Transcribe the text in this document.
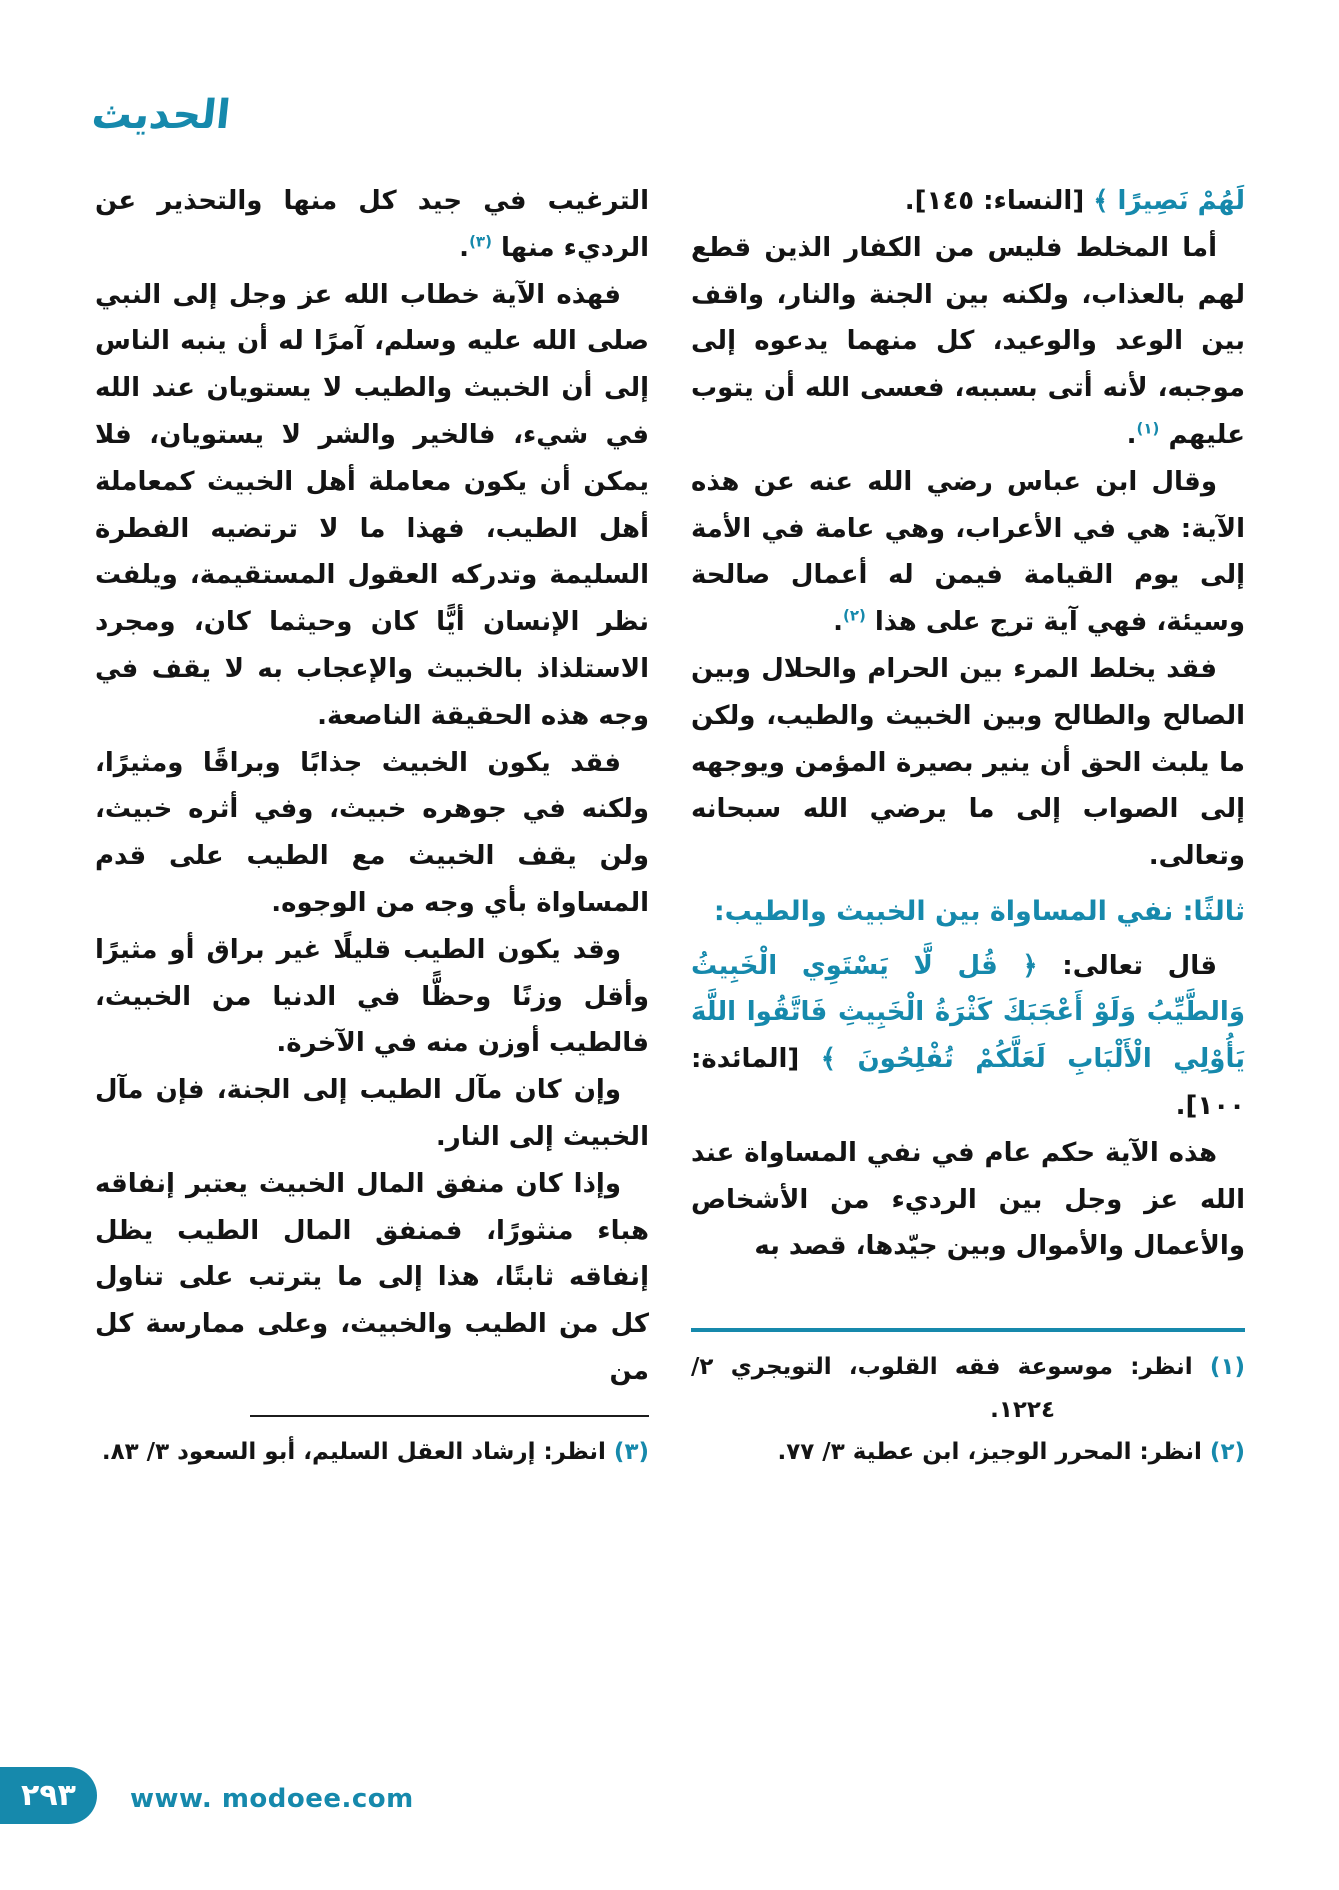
الحديث

لَهُمْ نَصِيرًا ﴾ [النساء: ١٤٥].

أما المخلط فليس من الكفار الذين قطع لهم بالعذاب، ولكنه بين الجنة والنار، واقف بين الوعد والوعيد، كل منهما يدعوه إلى موجبه، لأنه أتى بسببه، فعسى الله أن يتوب عليهم $^{(١)}$.

وقال ابن عباس رضي الله عنه عن هذه الآية: هي في الأعراب، وهي عامة في الأمة إلى يوم القيامة فيمن له أعمال صالحة وسيئة، فهي آية ترج على هذا $^{(٢)}$.

فقد يخلط المرء بين الحرام والحلال وبين الصالح والطالح وبين الخبيث والطيب، ولكن ما يلبث الحق أن ينير بصيرة المؤمن ويوجهه إلى الصواب إلى ما يرضي الله سبحانه وتعالى.

ثالثًا: نفي المساواة بين الخبيث والطيب:

قال تعالى: ﴿ قُل لَّا يَسْتَوِي الْخَبِيثُ وَالطَّيِّبُ وَلَوْ أَعْجَبَكَ كَثْرَةُ الْخَبِيثِ فَاتَّقُوا اللَّهَ يَأُوْلِي الْأَلْبَابِ لَعَلَّكُمْ تُفْلِحُونَ ﴾ [المائدة: ١٠٠].

هذه الآية حكم عام في نفي المساواة عند الله عز وجل بين الرديء من الأشخاص والأعمال والأموال وبين جيّدها، قصد به

(١) انظر: موسوعة فقه القلوب، التويجري ٢/ ١٢٢٤.
(٢) انظر: المحرر الوجيز، ابن عطية ٣/ ٧٧.

الترغيب في جيد كل منها والتحذير عن الرديء منها $^{(٣)}$.

فهذه الآية خطاب الله عز وجل إلى النبي صلى الله عليه وسلم، آمرًا له أن ينبه الناس إلى أن الخبيث والطيب لا يستويان عند الله في شيء، فالخير والشر لا يستويان، فلا يمكن أن يكون معاملة أهل الخبيث كمعاملة أهل الطيب، فهذا ما لا ترتضيه الفطرة السليمة وتدركه العقول المستقيمة، ويلفت نظر الإنسان أيًّا كان وحيثما كان، ومجرد الاستلذاذ بالخبيث والإعجاب به لا يقف في وجه هذه الحقيقة الناصعة.

فقد يكون الخبيث جذابًا وبراقًا ومثيرًا، ولكنه في جوهره خبيث، وفي أثره خبيث، ولن يقف الخبيث مع الطيب على قدم المساواة بأي وجه من الوجوه.

وقد يكون الطيب قليلًا غير براق أو مثيرًا وأقل وزنًا وحظًّا في الدنيا من الخبيث، فالطيب أوزن منه في الآخرة.

وإن كان مآل الطيب إلى الجنة، فإن مآل الخبيث إلى النار.

وإذا كان منفق المال الخبيث يعتبر إنفاقه هباء منثورًا، فمنفق المال الطيب يظل إنفاقه ثابتًا، هذا إلى ما يترتب على تناول كل من الطيب والخبيث، وعلى ممارسة كل من

(٣) انظر: إرشاد العقل السليم، أبو السعود ٣/ ٨٣.
٢٩٣	www. modoee.com
